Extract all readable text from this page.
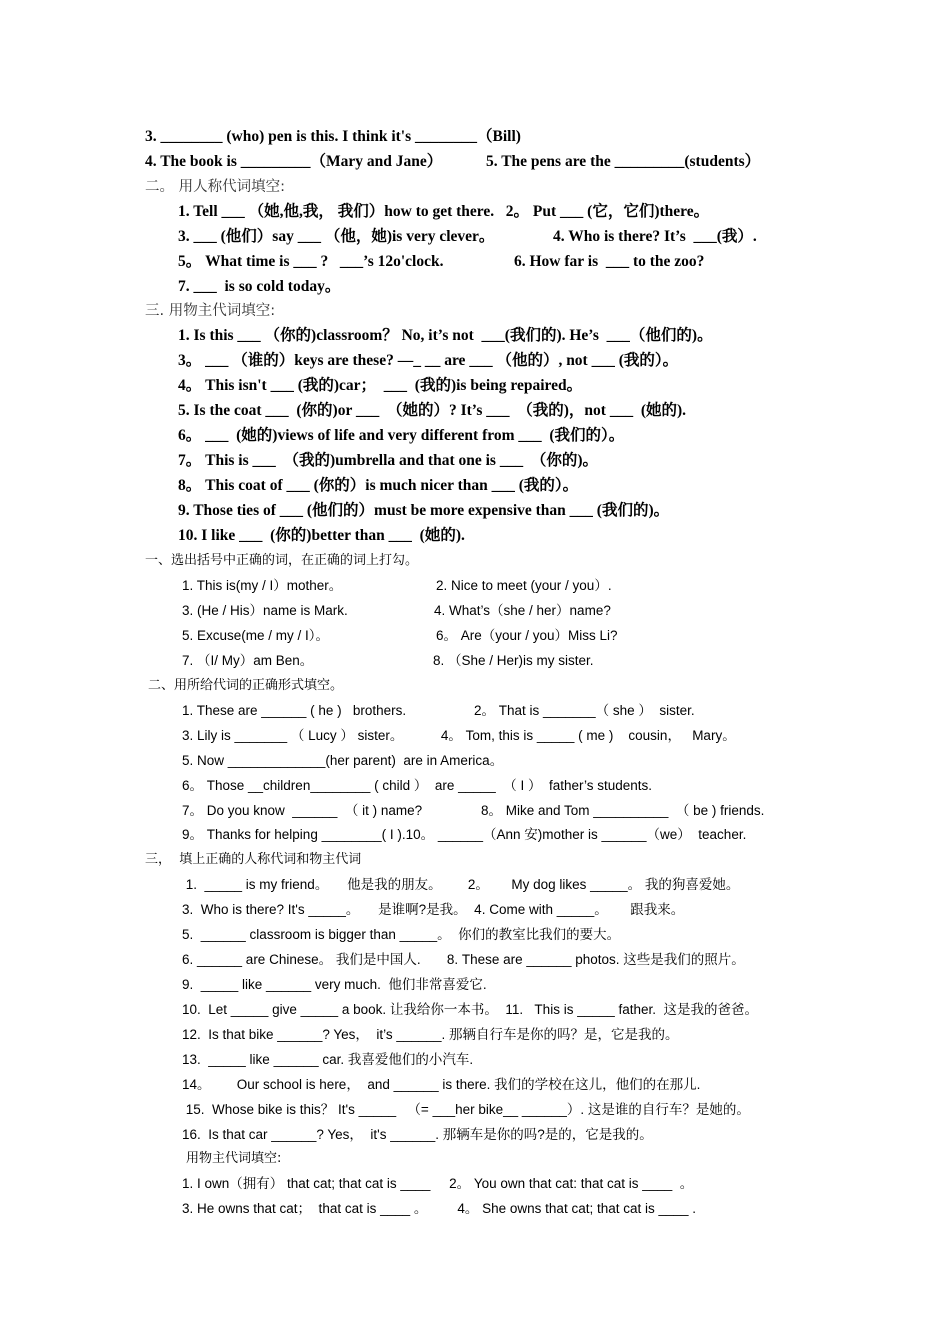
3. ________ (who) pen is this. I think it's ________（Bill)
4. The book is _________（Mary and Jane）	5. The pens are the _________(students）
二。 用人称代词填空:
1. Tell ___ （她,他,我， 我们）how to get there.   2。 Put ___ (它，它们)there。
3. ___ (他们）say ___ （他，她)is very clever。	4. Who is there? It’s  ___(我）.
5。 What time is ___ ?   ___’s 12o'clock.	6. How far is  ___ to the zoo?
7. ___  is so cold today。
三. 用物主代词填空:
1. Is this ___ （你的)classroom？ No, it’s not  ___(我们的). He’s  ___（他们的)。
3。 ___ （谁的）keys are these? —_ __ are ___ （他的）, not ___ (我的）。
4。 This isn't ___ (我的)car；  ___  (我的)is being repaired。
5. Is the coat ___  (你的)or ___  （她的）? It’s ___  （我的)，not ___  (她的).
6。 ___  (她的)views of life and very different from ___  (我们的）。
7。 This is ___  （我的)umbrella and that one is ___  （你的)。
8。 This coat of ___ (你的）is much nicer than ___ (我的）。
9. Those ties of ___ (他们的）must be more expensive than ___ (我们的)。
10. I like ___  (你的)better than ___  (她的).
一、选出括号中正确的词，在正确的词上打勾。
1. This is(my / I）mother。	2. Nice to meet (your / you）.
3. (He / His）name is Mark.	4. What’s（she / her）name?
5. Excuse(me / my / I）。	6。 Are（your / you）Miss Li?
7. （I/ My）am Ben。	8. （She / Her)is my sister.
二、用所给代词的正确形式填空。
1. These are ______ ( he )   brothers.	2。 That is _______（ she ）  sister.
3. Lily is _______ （ Lucy ） sister。          4。 Tom, this is _____ ( me )    cousin，   Mary。
5. Now _____________(her parent)  are in America。
6。 Those __children________ ( child ）  are _____  （ I ）  father’s students.
7。 Do you know  ______  （ it ) name?	8。 Mike and Tom __________  （ be ) friends.
9。 Thanks for helping ________( I ).10。 ______（Ann 安)mother is ______（we）  teacher.
三，  填上正确的人称代词和物主代词
1.  _____ is my friend。     他是我的朋友。       2。      My dog likes _____。 我的狗喜爱她。
3.  Who is there? It's _____。     是谁啊?是我。  4. Come with _____。      跟我来。
5.  ______ classroom is bigger than _____。  你们的教室比我们的要大。
6. ______ are Chinese。 我们是中国人.       8. These are ______ photos. 这些是我们的照片。
9.  _____ like ______ very much.  他们非常喜爱它.
10.  Let _____ give _____ a book. 让我给你一本书。  11.   This is _____ father.  这是我的爸爸。
12.  Is that bike ______? Yes，  it’s ______. 那辆自行车是你的吗？是，它是我的。
13.  _____ like ______ car. 我喜爱他们的小汽车.
14。       Our school is here，  and ______ is there. 我们的学校在这儿，他们的在那儿.
15.  Whose bike is this？ It's _____   （= ___her bike__ ______）. 这是谁的自行车？是她的。
16.  Is that car ______? Yes，  it's ______. 那辆车是你的吗?是的，它是我的。
用物主代词填空:
1. I own（拥有） that cat; that cat is ____     2。 You own that cat: that cat is ____  。
3. He owns that cat；  that cat is ____ 。        4。 She owns that cat; that cat is ____ .
